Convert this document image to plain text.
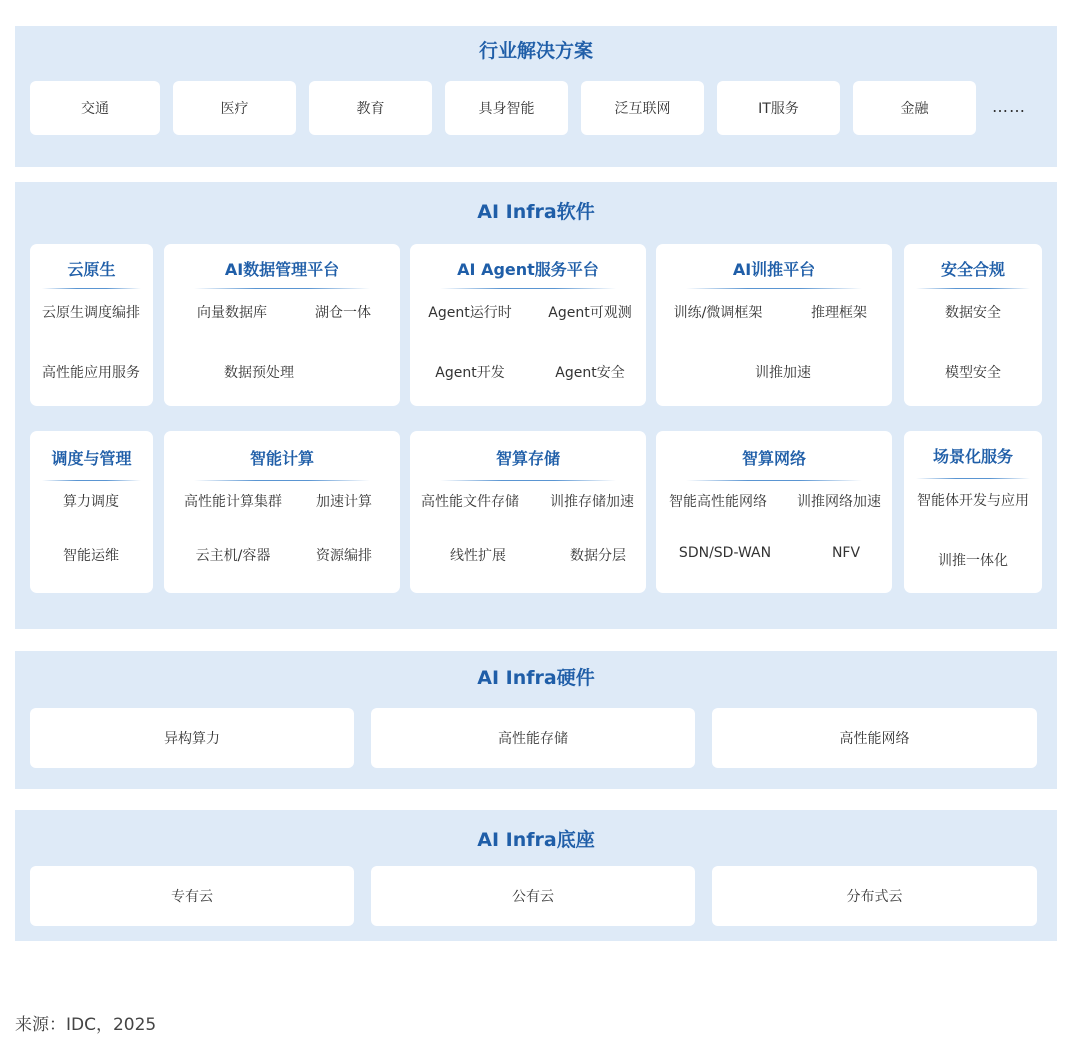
行业解决方案
交通	医疗	教育	具身智能	泛互联网	IT服务	金融	……
AI Infra软件
云原生
云原生调度编排
高性能应用服务
AI数据管理平台
向量数据库	湖仓一体
数据预处理
AI Agent服务平台
Agent运行时	Agent可观测
Agent开发	Agent安全
AI训推平台
训练/微调框架	推理框架
训推加速
安全合规
数据安全
模型安全
调度与管理
算力调度
智能运维
智能计算
高性能计算集群 加速计算
云主机/容器	资源编排
智算存储
高性能文件存储 训推存储加速
线性扩展	数据分层
智算网络
智能高性能网络 训推网络加速
SDN/SD-WAN	NFV
场景化服务
智能体开发与应用
训推一体化
AI Infra硬件
异构算力	高性能存储	高性能网络
AI Infra底座
专有云	公有云	分布式云
来源：IDC，2025
